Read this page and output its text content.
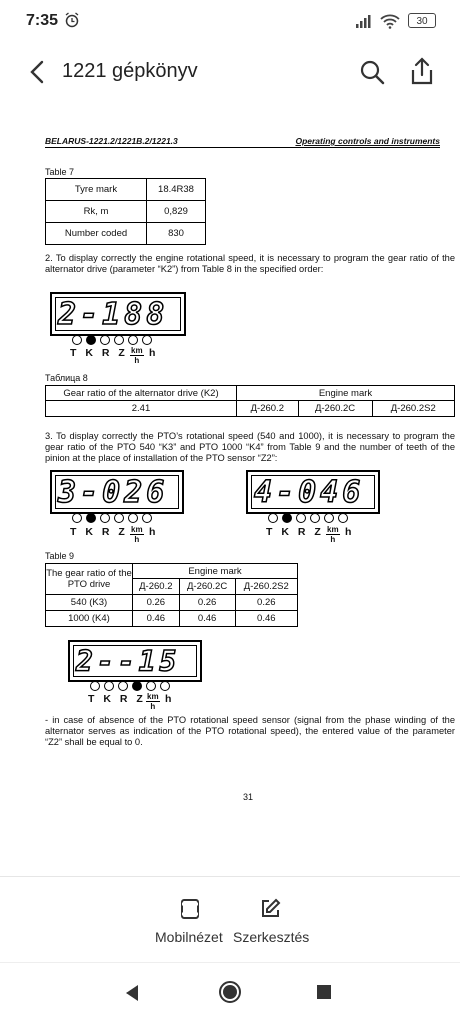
7:35	30
1221 gépkönyv
BELARUS-1221.2/1221B.2/1221.3	Operating controls and instruments
Table 7
Tyre mark	18.4R38
Rk, m	0,829
Number coded	830
2. To display correctly the engine rotational speed, it is necessary to program the gear ratio of the alternator drive (parameter “K2”) from Table 8 in the specified order:
2-188
T K R Z $\frac{km}{h}$ h
Таблица 8
Gear ratio of the alternator drive (K2)	Engine mark		
2.41	Д-260.2	Д-260.2С	Д-260.2S2
3. To display correctly the PTO’s rotational speed (540 and 1000), it is necessary to program the gear ratio of the PTO 540 “K3” and PTO 1000 “K4” from Table 9 and the number of teeth of the pinion at the place of installation of the PTO sensor “Z2”:
3-026
T K R Z $\frac{km}{h}$ h
4-046
T K R Z $\frac{km}{h}$ h
Table 9
The gear ratio of the PTO drive	Engine mark		
	Д-260.2	Д-260.2С	Д-260.2S2
540 (K3)	0.26	0.26	0.26
1000 (K4)	0.46	0.46	0.46
2--15
T K R Z $\frac{km}{h}$ h
- in case of absence of the PTO rotational speed sensor (signal from the phase winding of the alternator serves as indication of the PTO rotational speed), the entered value of the parameter “Z2” shall be equal to 0.
31
Mobilnézet Szerkesztés
